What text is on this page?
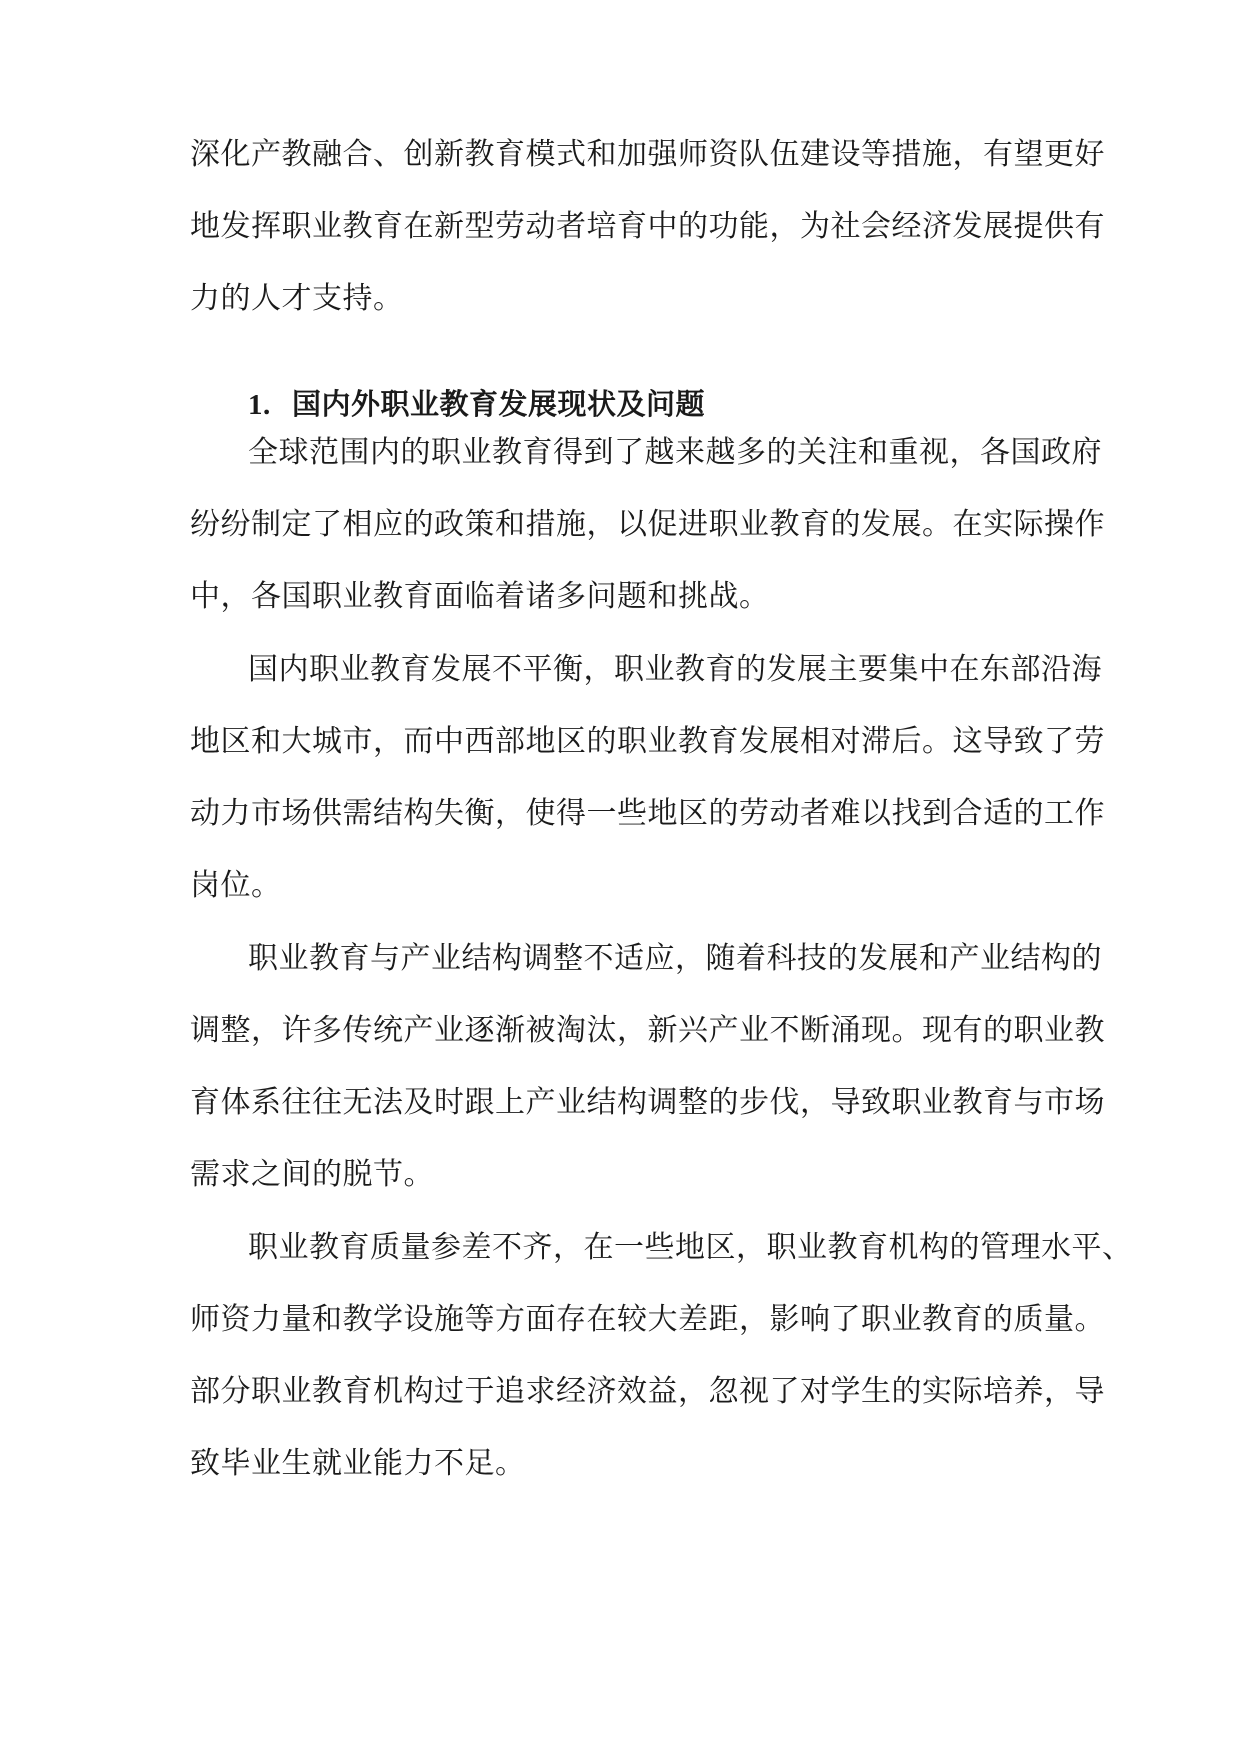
深化产教融合、创新教育模式和加强师资队伍建设等措施，有望更好
地发挥职业教育在新型劳动者培育中的功能，为社会经济发展提供有
力的人才支持。
1. 国内外职业教育发展现状及问题
全球范围内的职业教育得到了越来越多的关注和重视，各国政府
纷纷制定了相应的政策和措施，以促进职业教育的发展。在实际操作
中，各国职业教育面临着诸多问题和挑战。
国内职业教育发展不平衡，职业教育的发展主要集中在东部沿海
地区和大城市，而中西部地区的职业教育发展相对滞后。这导致了劳
动力市场供需结构失衡，使得一些地区的劳动者难以找到合适的工作
岗位。
职业教育与产业结构调整不适应，随着科技的发展和产业结构的
调整，许多传统产业逐渐被淘汰，新兴产业不断涌现。现有的职业教
育体系往往无法及时跟上产业结构调整的步伐，导致职业教育与市场
需求之间的脱节。
职业教育质量参差不齐，在一些地区，职业教育机构的管理水平、
师资力量和教学设施等方面存在较大差距，影响了职业教育的质量。
部分职业教育机构过于追求经济效益，忽视了对学生的实际培养，导
致毕业生就业能力不足。
